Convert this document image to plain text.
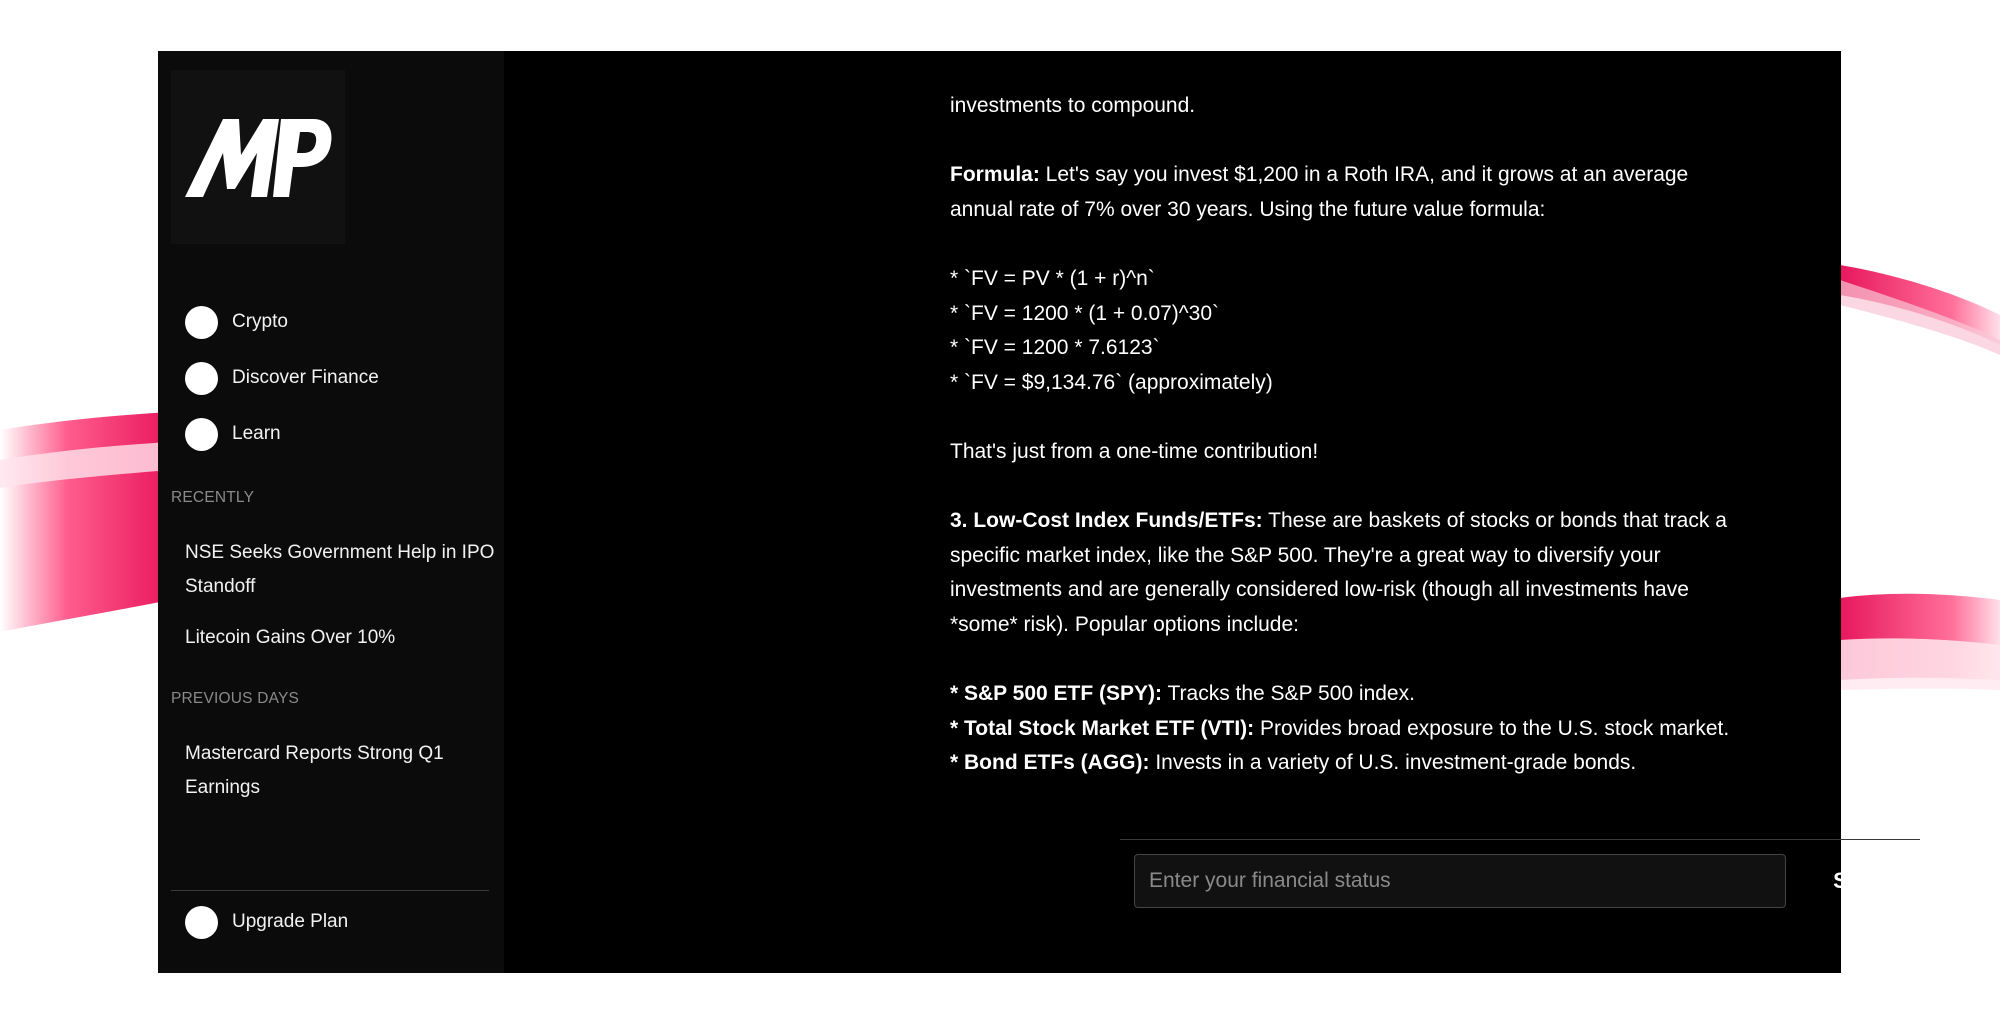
Crypto
Discover Finance
Learn
RECENTLY
NSE Seeks Government Help in IPO Standoff
Litecoin Gains Over 10%
PREVIOUS DAYS
Mastercard Reports Strong Q1 Earnings
Upgrade Plan

investments to compound.

Formula: Let's say you invest $1,200 in a Roth IRA, and it grows at an average annual rate of 7% over 30 years. Using the future value formula:

* `FV = PV * (1 + r)^n`

* `FV = 1200 * (1 + 0.07)^30`

* `FV = 1200 * 7.6123`

* `FV = $9,134.76` (approximately)

That's just from a one-time contribution!

3. Low-Cost Index Funds/ETFs: These are baskets of stocks or bonds that track a specific market index, like the S&P 500. They're a great way to diversify your investments and are generally considered low-risk (though all investments have *some* risk). Popular options include:

* S&P 500 ETF (SPY): Tracks the S&P 500 index.

* Total Stock Market ETF (VTI): Provides broad exposure to the U.S. stock market.

* Bond ETFs (AGG): Invests in a variety of U.S. investment-grade bonds.

Enter your financial status
Send
